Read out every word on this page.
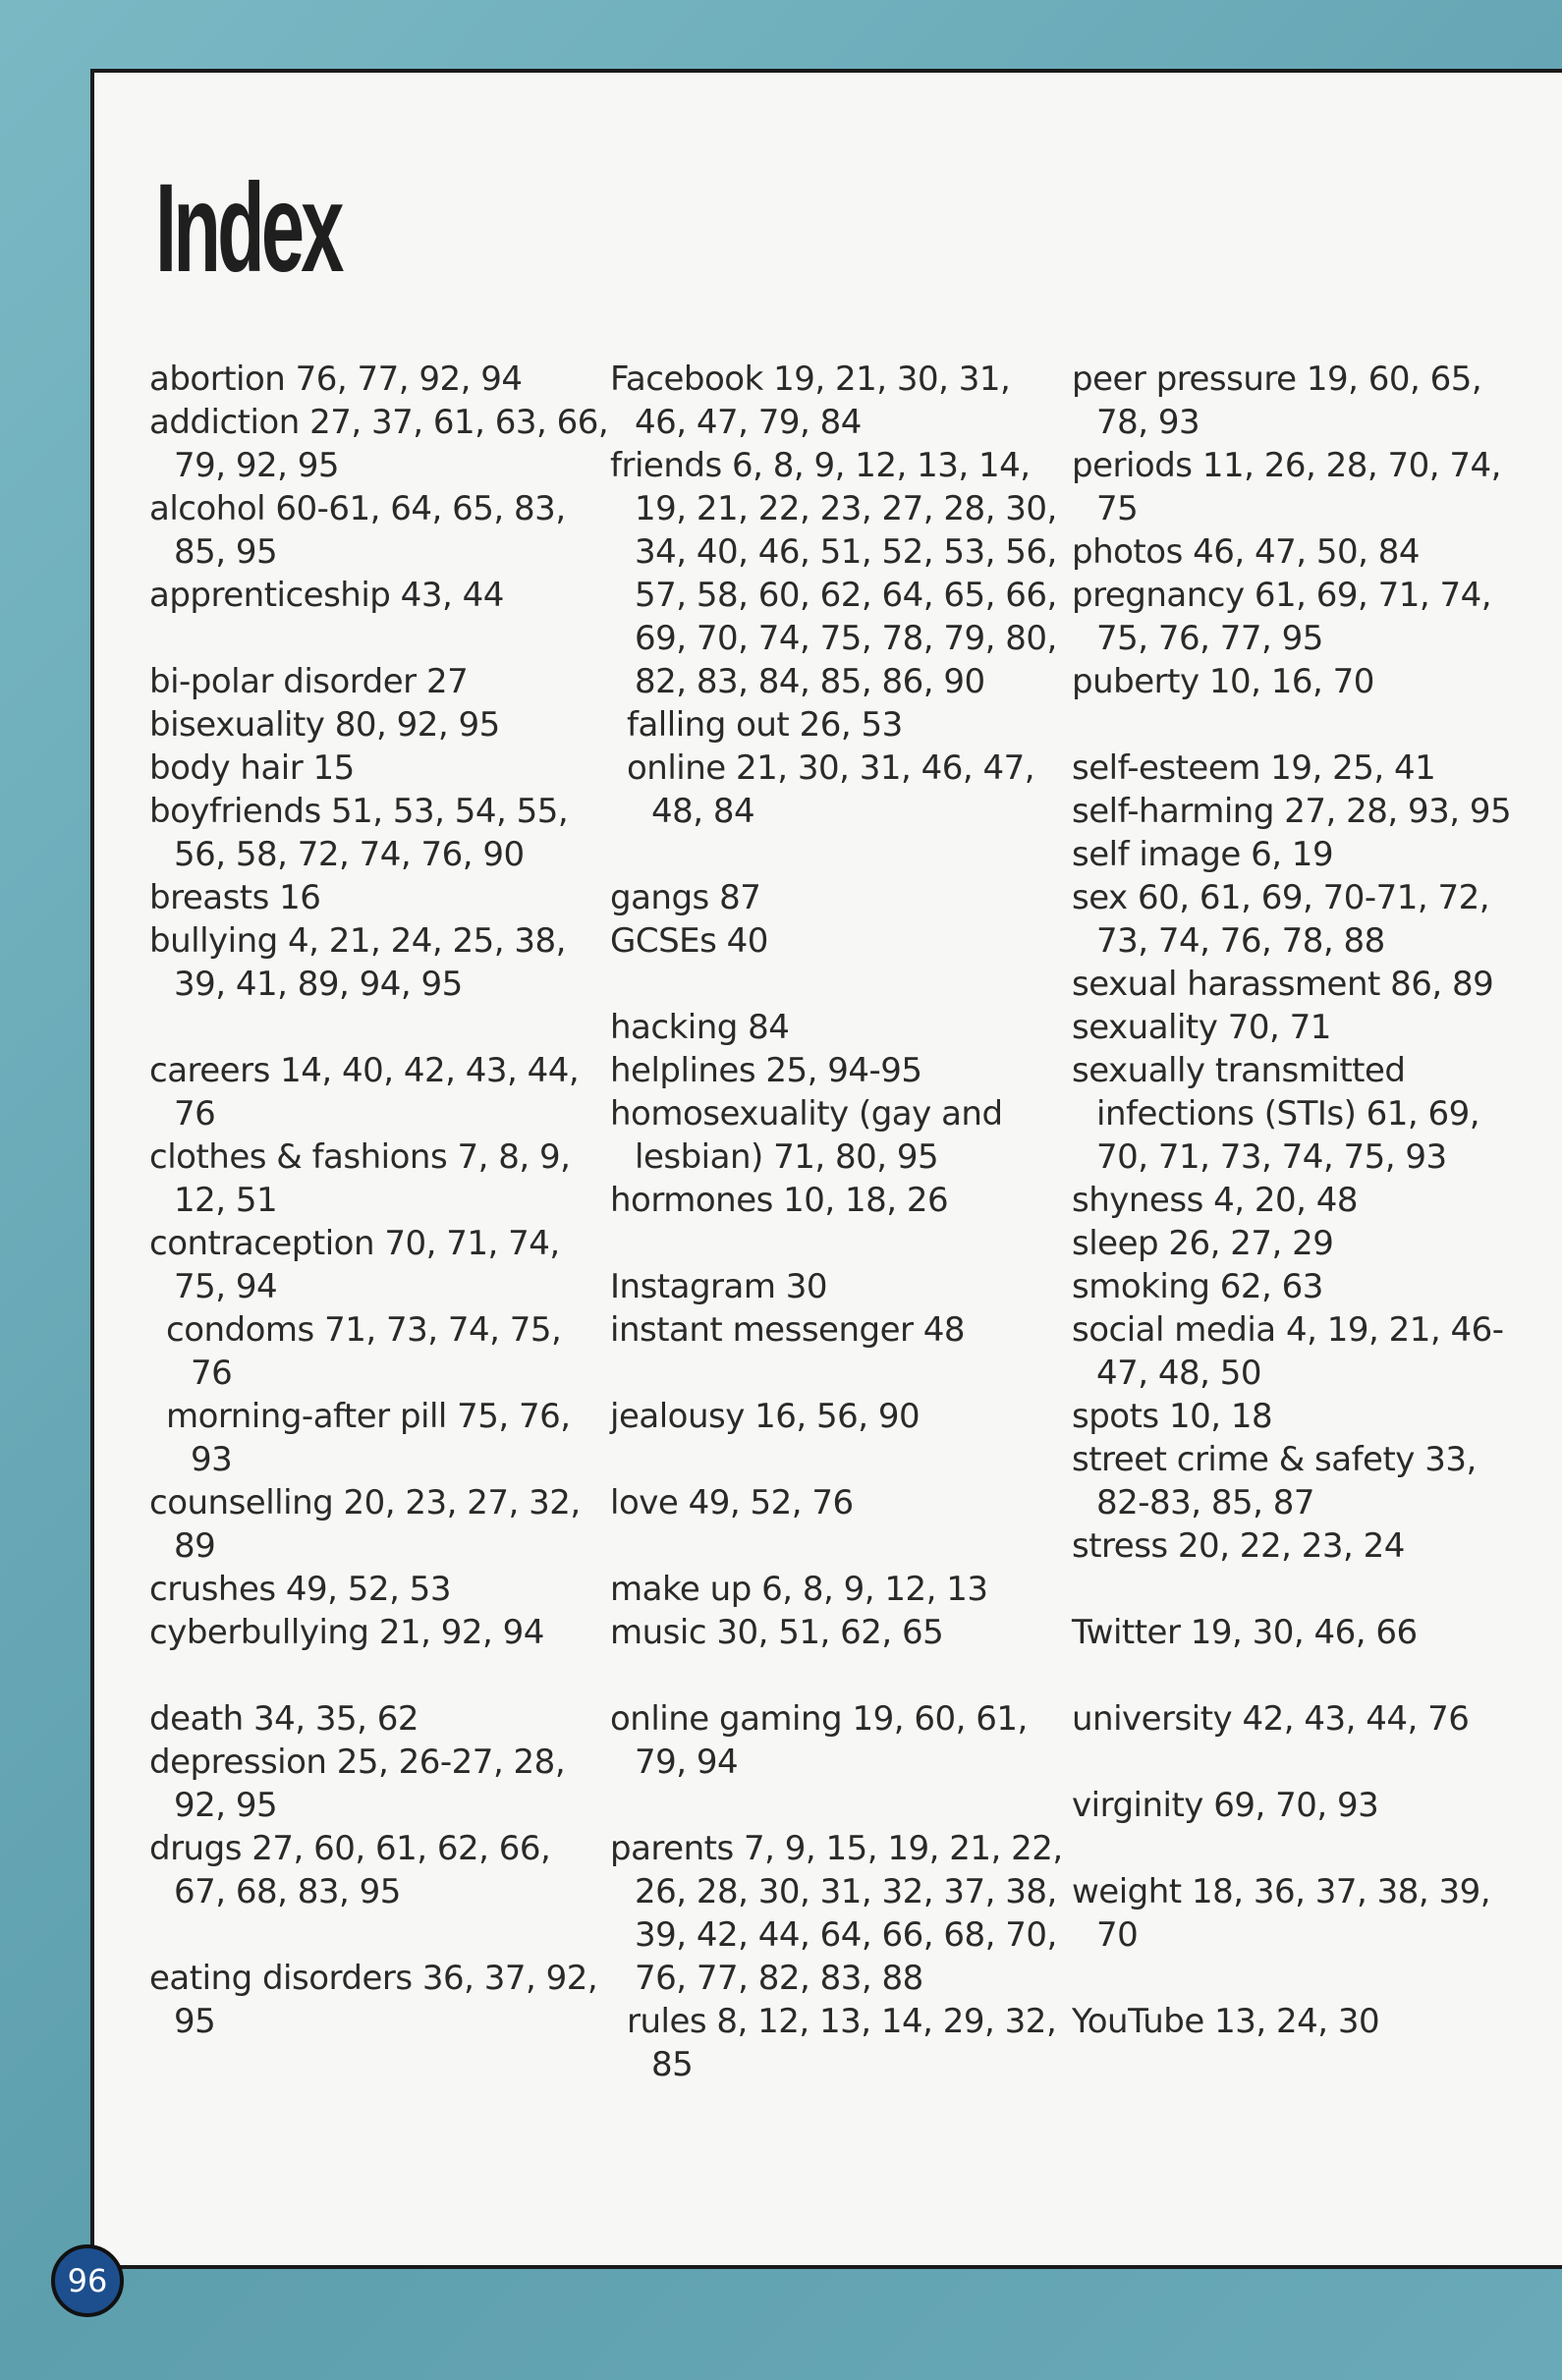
Index

abortion 76, 77, 92, 94

addiction 27, 37, 61, 63, 66, 79, 92, 95

alcohol 60-61, 64, 65, 83, 85, 95

apprenticeship 43, 44

bi-polar disorder 27

bisexuality 80, 92, 95

body hair 15

boyfriends 51, 53, 54, 55, 56, 58, 72, 74, 76, 90

breasts 16

bullying 4, 21, 24, 25, 38, 39, 41, 89, 94, 95

careers 14, 40, 42, 43, 44, 76

clothes & fashions 7, 8, 9, 12, 51

contraception 70, 71, 74, 75, 94

condoms 71, 73, 74, 75, 76

morning-after pill 75, 76, 93

counselling 20, 23, 27, 32, 89

crushes 49, 52, 53

cyberbullying 21, 92, 94

death 34, 35, 62

depression 25, 26-27, 28, 92, 95

drugs 27, 60, 61, 62, 66, 67, 68, 83, 95

eating disorders 36, 37, 92, 95

Facebook 19, 21, 30, 31, 46, 47, 79, 84

friends 6, 8, 9, 12, 13, 14, 19, 21, 22, 23, 27, 28, 30, 34, 40, 46, 51, 52, 53, 56, 57, 58, 60, 62, 64, 65, 66, 69, 70, 74, 75, 78, 79, 80, 82, 83, 84, 85, 86, 90

falling out 26, 53

online 21, 30, 31, 46, 47, 48, 84

gangs 87

GCSEs 40

hacking 84

helplines 25, 94-95

homosexuality (gay and lesbian) 71, 80, 95

hormones 10, 18, 26

Instagram 30

instant messenger 48

jealousy 16, 56, 90

love 49, 52, 76

make up 6, 8, 9, 12, 13

music 30, 51, 62, 65

online gaming 19, 60, 61, 79, 94

parents 7, 9, 15, 19, 21, 22, 26, 28, 30, 31, 32, 37, 38, 39, 42, 44, 64, 66, 68, 70, 76, 77, 82, 83, 88

rules 8, 12, 13, 14, 29, 32, 85

peer pressure 19, 60, 65, 78, 93

periods 11, 26, 28, 70, 74, 75

photos 46, 47, 50, 84

pregnancy 61, 69, 71, 74, 75, 76, 77, 95

puberty 10, 16, 70

self-esteem 19, 25, 41

self-harming 27, 28, 93, 95

self image 6, 19

sex 60, 61, 69, 70-71, 72, 73, 74, 76, 78, 88

sexual harassment 86, 89

sexuality 70, 71

sexually transmitted infections (STIs) 61, 69, 70, 71, 73, 74, 75, 93

shyness 4, 20, 48

sleep 26, 27, 29

smoking 62, 63

social media 4, 19, 21, 46-47, 48, 50

spots 10, 18

street crime & safety 33, 82-83, 85, 87

stress 20, 22, 23, 24

Twitter 19, 30, 46, 66

university 42, 43, 44, 76

virginity 69, 70, 93

weight 18, 36, 37, 38, 39, 70

YouTube 13, 24, 30

96
